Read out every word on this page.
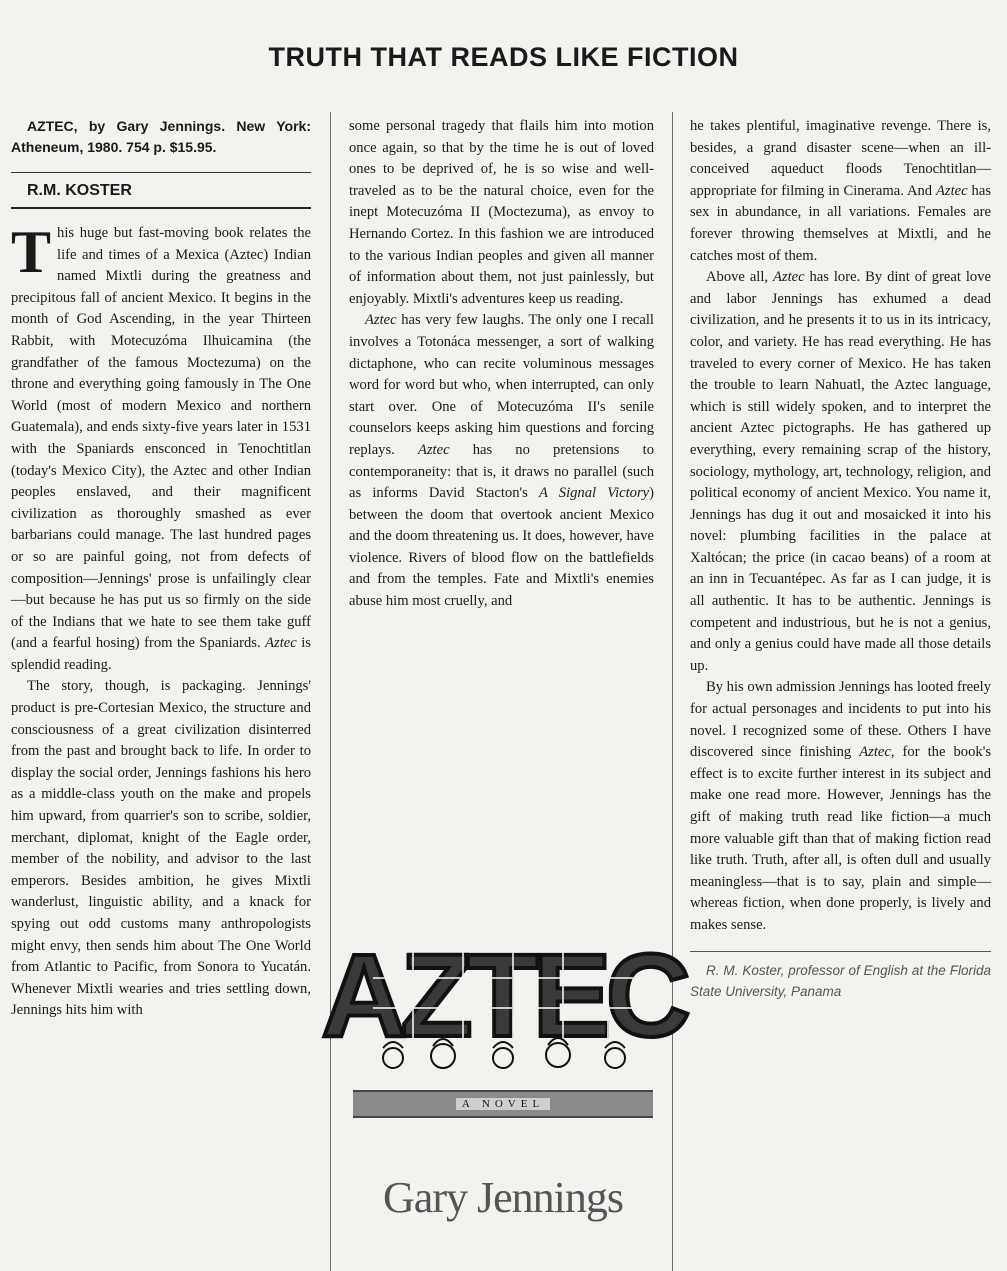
TRUTH THAT READS LIKE FICTION

AZTEC, by Gary Jennings. New York: Atheneum, 1980. 754 p. $15.95.

R.M. KOSTER

This huge but fast-moving book relates the life and times of a Mexica (Aztec) Indian named Mixtli during the greatness and precipitous fall of ancient Mexico. It begins in the month of God Ascending, in the year Thirteen Rabbit, with Motecuzóma Ilhuicamina (the grandfather of the famous Moctezuma) on the throne and everything going famously in The One World (most of modern Mexico and northern Guatemala), and ends sixty-five years later in 1531 with the Spaniards ensconced in Tenochtitlan (today's Mexico City), the Aztec and other Indian peoples enslaved, and their magnificent civilization as thoroughly smashed as ever barbarians could manage. The last hundred pages or so are painful going, not from defects of composition—Jennings' prose is unfailingly clear—but because he has put us so firmly on the side of the Indians that we hate to see them take guff (and a fearful hosing) from the Spaniards. Aztec is splendid reading.

The story, though, is packaging. Jennings' product is pre-Cortesian Mexico, the structure and consciousness of a great civilization disinterred from the past and brought back to life. In order to display the social order, Jennings fashions his hero as a middle-class youth on the make and propels him upward, from quarrier's son to scribe, soldier, merchant, diplomat, knight of the Eagle order, member of the nobility, and advisor to the last emperors. Besides ambition, he gives Mixtli wanderlust, linguistic ability, and a knack for spying out odd customs many anthropologists might envy, then sends him about The One World from Atlantic to Pacific, from Sonora to Yucatán. Whenever Mixtli wearies and tries settling down, Jennings hits him with

some personal tragedy that flails him into motion once again, so that by the time he is out of loved ones to be deprived of, he is so wise and well-traveled as to be the natural choice, even for the inept Motecuzóma II (Moctezuma), as envoy to Hernando Cortez. In this fashion we are introduced to the various Indian peoples and given all manner of information about them, not just painlessly, but enjoyably. Mixtli's adventures keep us reading.

Aztec has very few laughs. The only one I recall involves a Totonáca messenger, a sort of walking dictaphone, who can recite voluminous messages word for word but who, when interrupted, can only start over. One of Motecuzóma II's senile counselors keeps asking him questions and forcing replays. Aztec has no pretensions to contemporaneity: that is, it draws no parallel (such as informs David Stacton's A Signal Victory) between the doom that overtook ancient Mexico and the doom threatening us. It does, however, have violence. Rivers of blood flow on the battlefields and from the temples. Fate and Mixtli's enemies abuse him most cruelly, and

AZTEC
A NOVEL
Gary Jennings

he takes plentiful, imaginative revenge. There is, besides, a grand disaster scene—when an ill-conceived aqueduct floods Tenochtitlan—appropriate for filming in Cinerama. And Aztec has sex in abundance, in all variations. Females are forever throwing themselves at Mixtli, and he catches most of them.

Above all, Aztec has lore. By dint of great love and labor Jennings has exhumed a dead civilization, and he presents it to us in its intricacy, color, and variety. He has read everything. He has traveled to every corner of Mexico. He has taken the trouble to learn Nahuatl, the Aztec language, which is still widely spoken, and to interpret the ancient Aztec pictographs. He has gathered up everything, every remaining scrap of the history, sociology, mythology, art, technology, religion, and political economy of ancient Mexico. You name it, Jennings has dug it out and mosaicked it into his novel: plumbing facilities in the palace at Xaltócan; the price (in cacao beans) of a room at an inn in Tecuantépec. As far as I can judge, it is all authentic. It has to be authentic. Jennings is competent and industrious, but he is not a genius, and only a genius could have made all those details up.

By his own admission Jennings has looted freely for actual personages and incidents to put into his novel. I recognized some of these. Others I have discovered since finishing Aztec, for the book's effect is to excite further interest in its subject and make one read more. However, Jennings has the gift of making truth read like fiction—a much more valuable gift than that of making fiction read like truth. Truth, after all, is often dull and usually meaningless—that is to say, plain and simple—whereas fiction, when done properly, is lively and makes sense.

R. M. Koster, professor of English at the Florida State University, Panama
